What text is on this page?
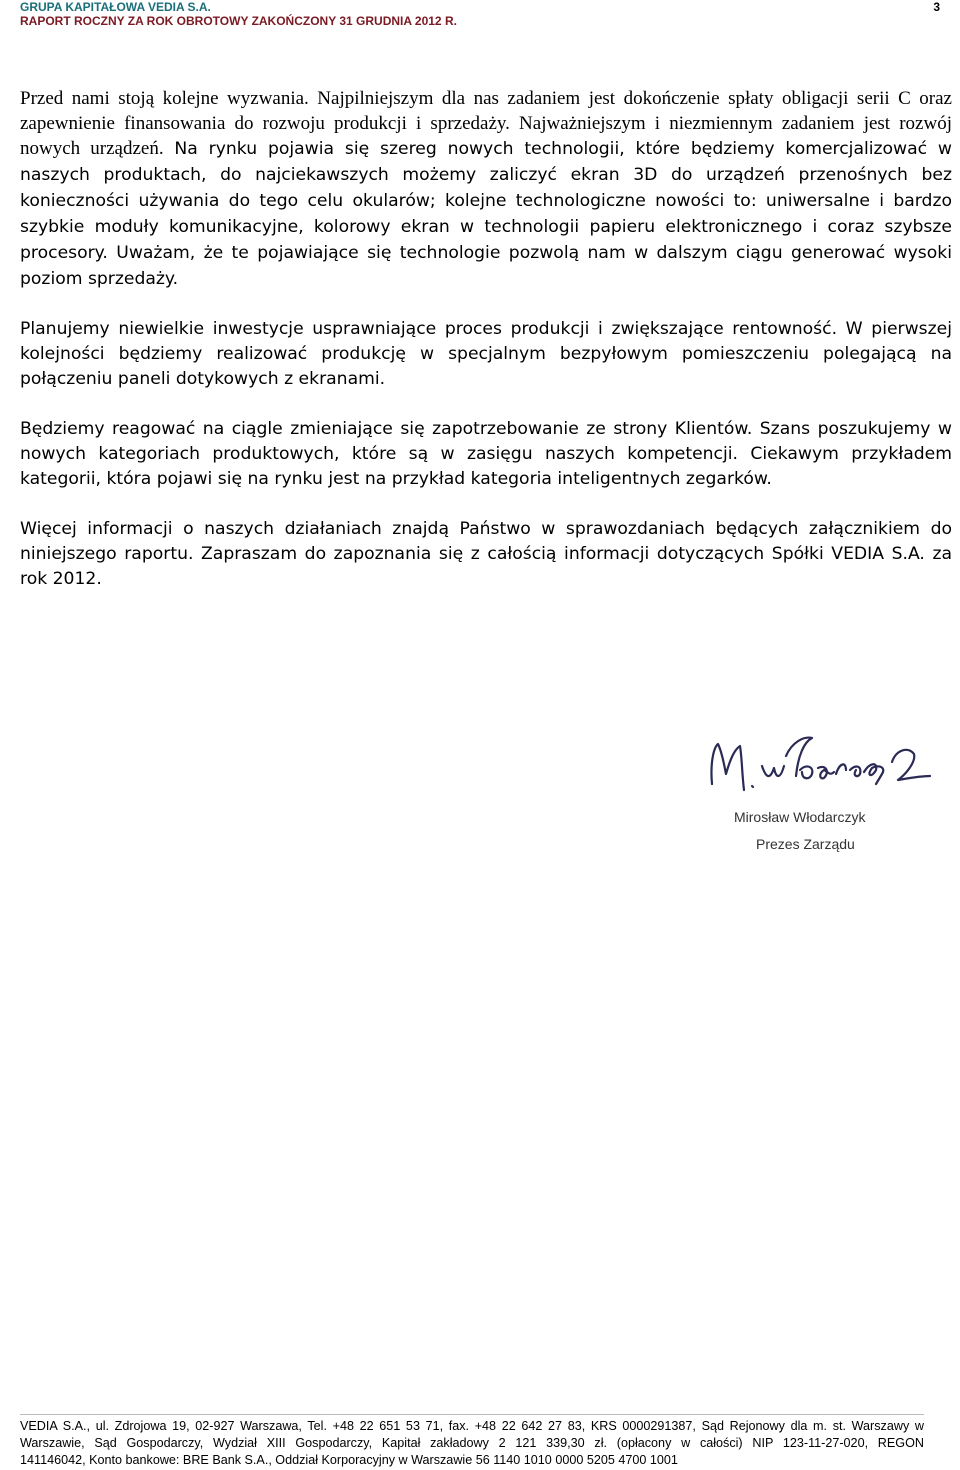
GRUPA KAPITAŁOWA VEDIA S.A.
RAPORT ROCZNY ZA ROK OBROTOWY ZAKOŃCZONY 31 GRUDNIA 2012 R.
3

Przed nami stoją kolejne wyzwania. Najpilniejszym dla nas zadaniem jest dokończenie spłaty obligacji serii C oraz zapewnienie finansowania do rozwoju produkcji i sprzedaży. Najważniejszym i niezmiennym zadaniem jest rozwój nowych urządzeń. Na rynku pojawia się szereg nowych technologii, które będziemy komercjalizować w naszych produktach, do najciekawszych możemy zaliczyć ekran 3D do urządzeń przenośnych bez konieczności używania do tego celu okularów; kolejne technologiczne nowości to: uniwersalne i bardzo szybkie moduły komunikacyjne, kolorowy ekran w technologii papieru elektronicznego i coraz szybsze procesory. Uważam, że te pojawiające się technologie pozwolą nam w dalszym ciągu generować wysoki poziom sprzedaży.

Planujemy niewielkie inwestycje usprawniające proces produkcji i zwiększające rentowność. W pierwszej kolejności będziemy realizować produkcję w specjalnym bezpyłowym pomieszczeniu polegającą na połączeniu paneli dotykowych z ekranami.

Będziemy reagować na ciągle zmieniające się zapotrzebowanie ze strony Klientów. Szans poszukujemy w nowych kategoriach produktowych, które są w zasięgu naszych kompetencji. Ciekawym przykładem kategorii, która pojawi się na rynku jest na przykład kategoria inteligentnych zegarków.

Więcej informacji o naszych działaniach znajdą Państwo w sprawozdaniach będących załącznikiem do niniejszego raportu. Zapraszam do zapoznania się z całością informacji dotyczących Spółki VEDIA S.A. za rok 2012.

Mirosław Włodarczyk
Prezes Zarządu
VEDIA S.A., ul. Zdrojowa 19, 02-927 Warszawa, Tel. +48 22 651 53 71, fax. +48 22 642 27 83, KRS 0000291387, Sąd Rejonowy dla m. st. Warszawy w
Warszawie, Sąd Gospodarczy, Wydział XIII Gospodarczy, Kapitał zakładowy 2 121 339,30 zł. (opłacony w całości) NIP 123-11-27-020, REGON
141146042, Konto bankowe: BRE Bank S.A., Oddział Korporacyjny w Warszawie 56 1140 1010 0000 5205 4700 1001
